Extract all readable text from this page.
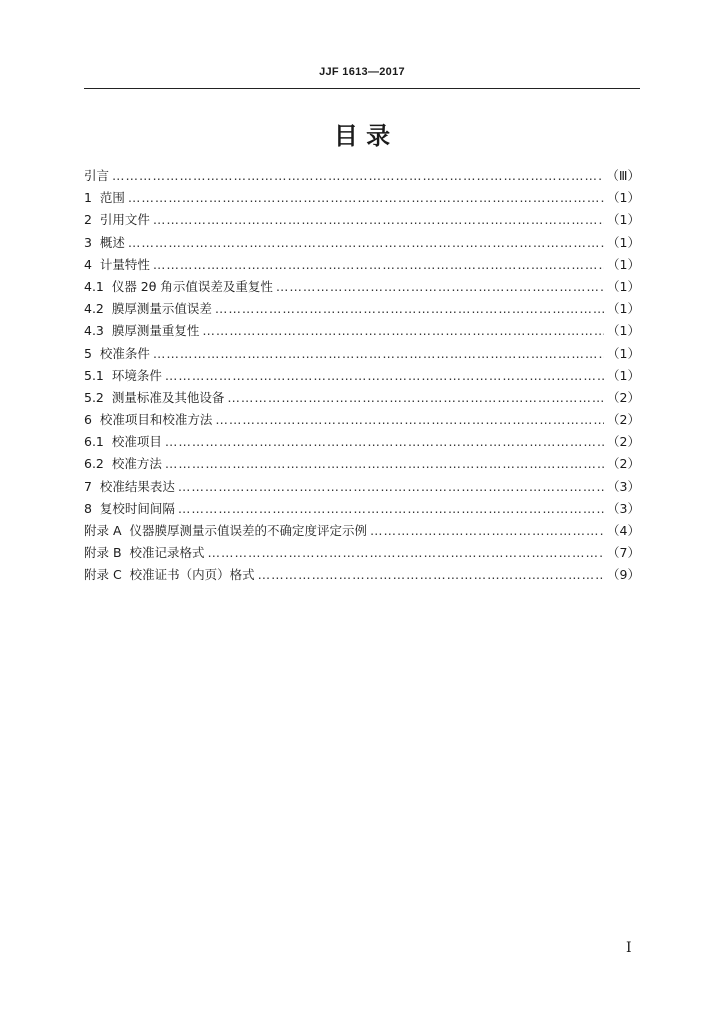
JJF 1613—2017
目 录
引言 ……………………………………………………………………………………………………………………………………………………………………………………………………………………………………	（Ⅲ）
1 范围 ……………………………………………………………………………………………………………………………………………………………………………………………………………………………………	（1）
2 引用文件 ……………………………………………………………………………………………………………………………………………………………………………………………………………………………………	（1）
3 概述 ……………………………………………………………………………………………………………………………………………………………………………………………………………………………………	（1）
4 计量特性 ……………………………………………………………………………………………………………………………………………………………………………………………………………………………………	（1）
4.1 仪器 2θ 角示值误差及重复性 ……………………………………………………………………………………………………………………………………………………………………………………………………………………………………	（1）
4.2 膜厚测量示值误差 ……………………………………………………………………………………………………………………………………………………………………………………………………………………………………	（1）
4.3 膜厚测量重复性 ……………………………………………………………………………………………………………………………………………………………………………………………………………………………………	（1）
5 校准条件 ……………………………………………………………………………………………………………………………………………………………………………………………………………………………………	（1）
5.1 环境条件 ……………………………………………………………………………………………………………………………………………………………………………………………………………………………………	（1）
5.2 测量标准及其他设备 ……………………………………………………………………………………………………………………………………………………………………………………………………………………………………	（2）
6 校准项目和校准方法 ……………………………………………………………………………………………………………………………………………………………………………………………………………………………………	（2）
6.1 校准项目 ……………………………………………………………………………………………………………………………………………………………………………………………………………………………………	（2）
6.2 校准方法 ……………………………………………………………………………………………………………………………………………………………………………………………………………………………………	（2）
7 校准结果表达 ……………………………………………………………………………………………………………………………………………………………………………………………………………………………………	（3）
8 复校时间间隔 ……………………………………………………………………………………………………………………………………………………………………………………………………………………………………	（3）
附录 A 仪器膜厚测量示值误差的不确定度评定示例 ……………………………………………………………………………………………………………………………………………………………………………………………………………………………………	（4）
附录 B 校准记录格式 ……………………………………………………………………………………………………………………………………………………………………………………………………………………………………	（7）
附录 C 校准证书（内页）格式 ……………………………………………………………………………………………………………………………………………………………………………………………………………………………………	（9）
I
